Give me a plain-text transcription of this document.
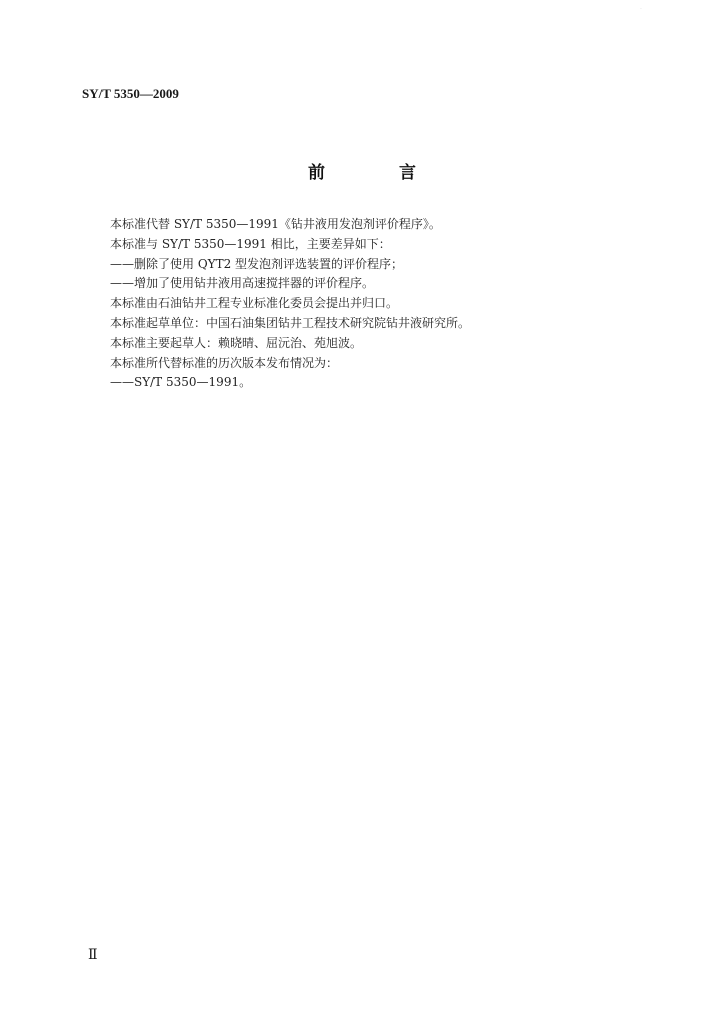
·
SY/T 5350—2009
前 言

本标准代替 SY/T 5350—1991《钻井液用发泡剂评价程序》。

本标准与 SY/T 5350—1991 相比，主要差异如下：

——删除了使用 QYT2 型发泡剂评选装置的评价程序；

——增加了使用钻井液用高速搅拌器的评价程序。

本标准由石油钻井工程专业标准化委员会提出并归口。

本标准起草单位：中国石油集团钻井工程技术研究院钻井液研究所。

本标准主要起草人：赖晓晴、屈沅治、苑旭波。

本标准所代替标准的历次版本发布情况为：

——SY/T 5350—1991。

Ⅱ
